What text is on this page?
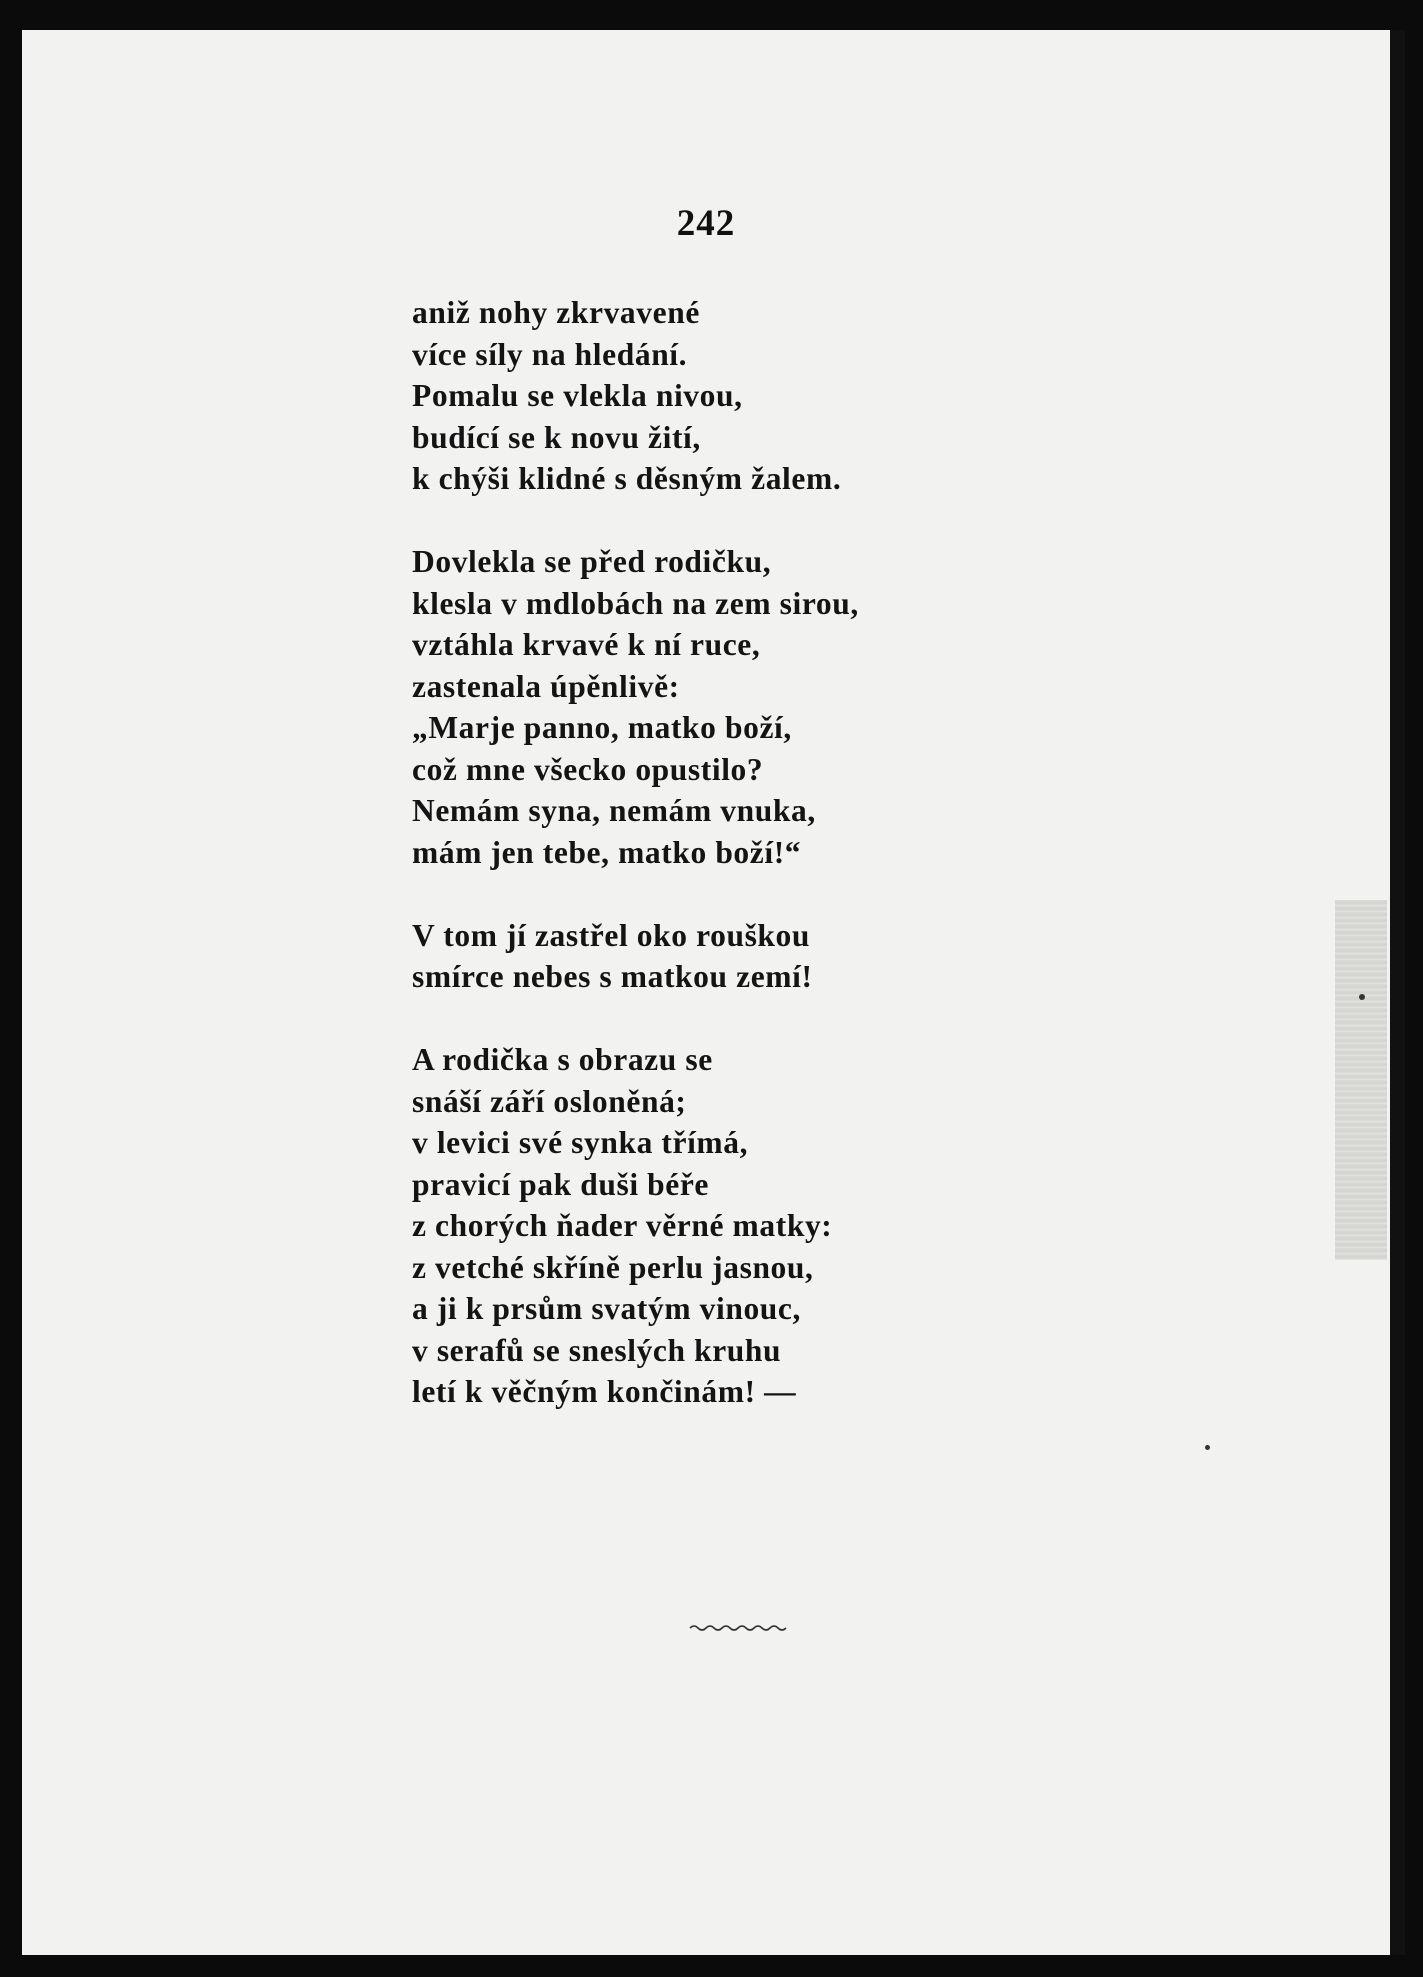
242
aniž nohy zkrvavené
více síly na hledání.
Pomalu se vlekla nivou,
budící se k novu žití,
k chýši klidné s děsným žalem.
Dovlekla se před rodičku,
klesla v mdlobách na zem sirou,
vztáhla krvavé k ní ruce,
zastenala úpěnlivě:
„Marje panno, matko boží,
což mne všecko opustilo?
Nemám syna, nemám vnuka,
mám jen tebe, matko boží!“
V tom jí zastřel oko rouškou
smírce nebes s matkou zemí!
A rodička s obrazu se
snáší září osloněná;
v levici své synka třímá,
pravicí pak duši béře
z chorých ňader věrné matky:
z vetché skříně perlu jasnou,
a ji k prsům svatým vinouc,
v serafů se sneslých kruhu
letí k věčným končinám! —
